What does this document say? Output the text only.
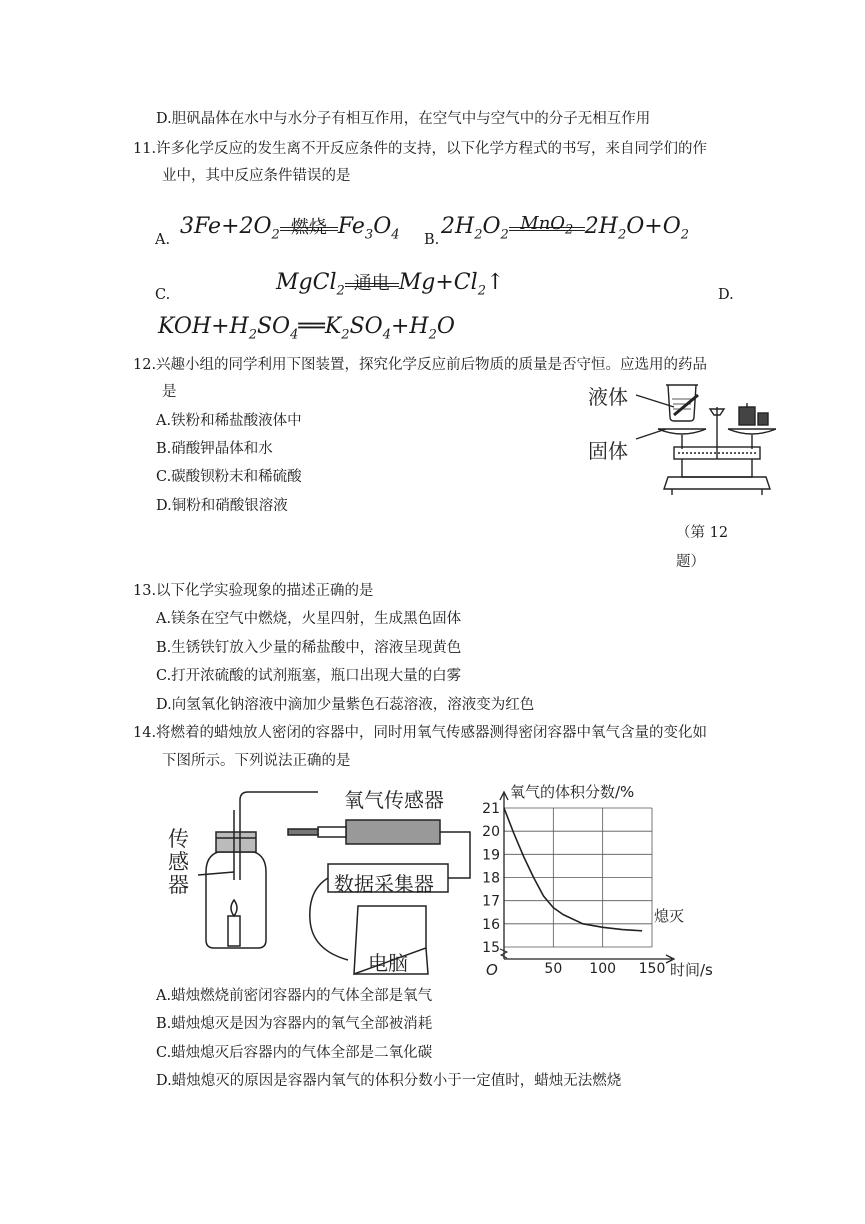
D.胆矾晶体在水中与水分子有相互作用，在空气中与空气中的分子无相互作用
11.许多化学反应的发生离不开反应条件的支持，以下化学方程式的书写，来自同学们的作
业中，其中反应条件错误的是
A.
$3Fe+2O_2$ 燃烧 $Fe_3O_4$ B.
$2H_2O_2$
MnO$_2$ $2H_2O+O_2$
C.	MgCl$_2$ 通电 $Mg+Cl_2↑$	D.
$KOH+H_2SO_4══K_2SO_4+H_2O$
12.兴趣小组的同学利用下图装置，探究化学反应前后物质的质量是否守恒。应选用的药品
是
A.铁粉和稀盐酸液体中
B.硝酸钾晶体和水
C.碳酸钡粉末和稀硫酸
D.铜粉和硝酸银溶液
液体
固体
（第 12
题）
13.以下化学实验现象的描述正确的是
A.镁条在空气中燃烧，火星四射，生成黑色固体
B.生锈铁钉放入少量的稀盐酸中，溶液呈现黄色
C.打开浓硫酸的试剂瓶塞，瓶口出现大量的白雾
D.向氢氧化钠溶液中滴加少量紫色石蕊溶液，溶液变为红色
14.将燃着的蜡烛放人密闭的容器中，同时用氧气传感器测得密闭容器中氧气含量的变化如
下图所示。下列说法正确的是
传感器
氧气传感器
数据采集器
电脑
氧气的体积分数/%
时间/s
O
熄灭
15
16
17
18
19
20
21
50 100 150
A.蜡烛燃烧前密闭容器内的气体全部是氧气
B.蜡烛熄灭是因为容器内的氧气全部被消耗
C.蜡烛熄灭后容器内的气体全部是二氧化碳
D.蜡烛熄灭的原因是容器内氧气的体积分数小于一定值时，蜡烛无法燃烧
